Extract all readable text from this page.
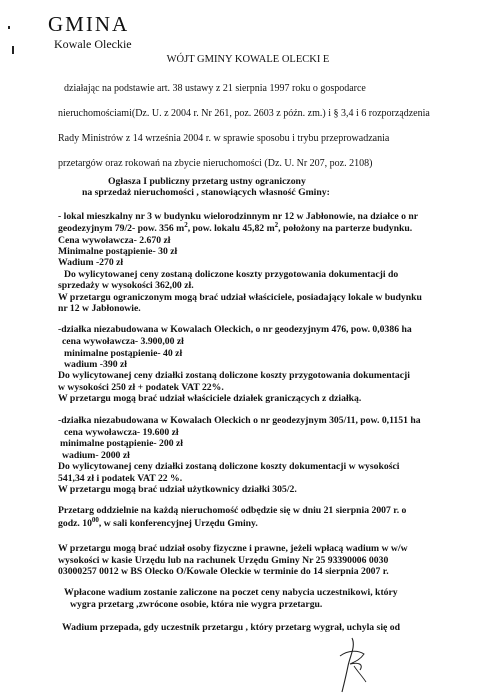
GMINA
Kowale Oleckie
WÓJT GMINY KOWALE OLECKI E
działając na podstawie art. 38 ustawy z 21 sierpnia 1997 roku o gospodarce
nieruchomościami(Dz. U. z 2004 r. Nr 261, poz. 2603 z późn. zm.) i § 3,4 i 6 rozporządzenia
Rady Ministrów z 14 września 2004 r. w sprawie sposobu i trybu przeprowadzania
przetargów oraz rokowań na zbycie nieruchomości (Dz. U. Nr 207, poz. 2108)
Ogłasza I publiczny przetarg ustny ograniczony
na sprzedaż nieruchomości , stanowiących własność Gminy:
- lokal mieszkalny nr 3 w budynku wielorodzinnym nr 12 w Jabłonowie, na działce o nr
geodezyjnym 79/2- pow. 356 $m^2$, pow. lokalu 45,82 $m^2$, położony na parterze budynku.
Cena wywoławcza- 2.670 zł
Minimalne postąpienie- 30 zł
Wadium -270 zł
Do wylicytowanej ceny zostaną doliczone koszty przygotowania dokumentacji do
sprzedaży w wysokości 362,00 zł.
W przetargu ograniczonym mogą brać udział właściciele, posiadający lokale w budynku
nr 12 w Jabłonowie.
-działka niezabudowana w Kowalach Oleckich, o nr geodezyjnym 476, pow. 0,0386 ha
cena wywoławcza- 3.900,00 zł
minimalne postąpienie- 40 zł
wadium -390 zł
Do wylicytowanej ceny działki zostaną doliczone koszty przygotowania dokumentacji
w wysokości 250 zł + podatek VAT 22%.
W przetargu mogą brać udział właściciele działek graniczących z działką.
-działka niezabudowana w Kowalach Oleckich o nr geodezyjnym 305/11, pow. 0,1151 ha
cena wywoławcza- 19.600 zł
minimalne postąpienie- 200 zł
wadium- 2000 zł
Do wylicytowanej ceny działki zostaną doliczone koszty dokumentacji w wysokości
541,34 zł i podatek VAT 22 %.
W przetargu mogą brać udział użytkownicy działki 305/2.
Przetarg oddzielnie na każdą nieruchomość odbędzie się w dniu 21 sierpnia 2007 r. o
godz. $10^{00}$, w sali konferencyjnej Urzędu Gminy.
W przetargu mogą brać udział osoby fizyczne i prawne, jeżeli wpłacą wadium w w/w
wysokości w kasie Urzędu lub na rachunek Urzędu Gminy Nr 25 93390006 0030
03000257 0012 w BS Olecko O/Kowale Oleckie w terminie do 14 sierpnia 2007 r.
Wpłacone wadium zostanie zaliczone na poczet ceny nabycia uczestnikowi, który
wygra przetarg ,zwrócone osobie, która nie wygra przetargu.
Wadium przepada, gdy uczestnik przetargu , który przetarg wygrał, uchyla się od
